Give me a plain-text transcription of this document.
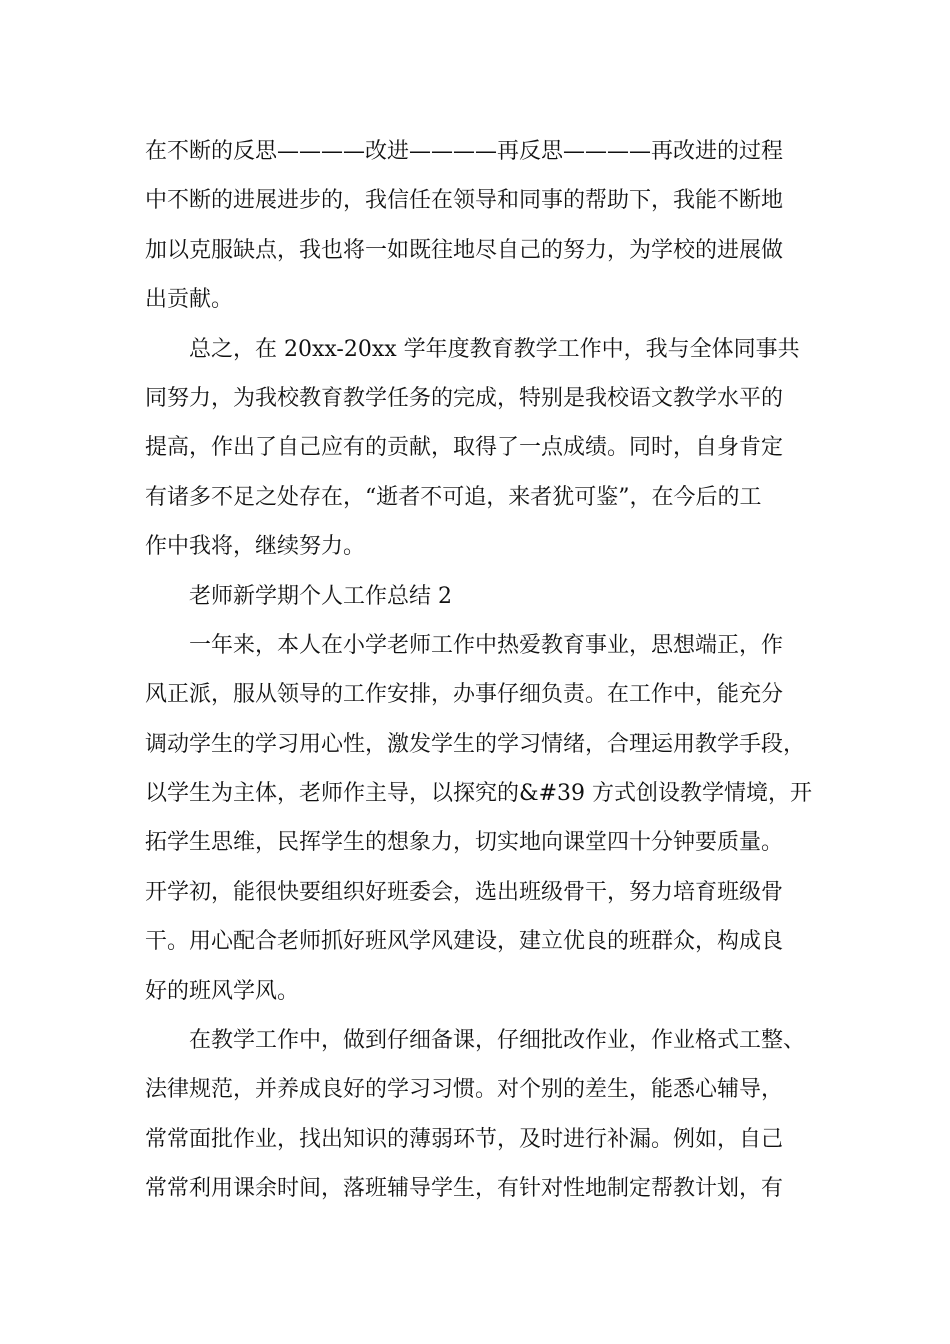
在不断的反思————改进————再反思————再改进的过程
中不断的进展进步的，我信任在领导和同事的帮助下，我能不断地
加以克服缺点，我也将一如既往地尽自己的努力，为学校的进展做
出贡献。
总之，在 20xx-20xx 学年度教育教学工作中，我与全体同事共
同努力，为我校教育教学任务的完成，特别是我校语文教学水平的
提高，作出了自己应有的贡献，取得了一点成绩。同时，自身肯定
有诸多不足之处存在，“逝者不可追，来者犹可鉴”，在今后的工
作中我将，继续努力。
老师新学期个人工作总结 2
一年来，本人在小学老师工作中热爱教育事业，思想端正，作
风正派，服从领导的工作安排，办事仔细负责。在工作中，能充分
调动学生的学习用心性，激发学生的学习情绪，合理运用教学手段，
以学生为主体，老师作主导，以探究的&#39 方式创设教学情境，开
拓学生思维，民挥学生的想象力，切实地向课堂四十分钟要质量。
开学初，能很快要组织好班委会，选出班级骨干，努力培育班级骨
干。用心配合老师抓好班风学风建设，建立优良的班群众，构成良
好的班风学风。
在教学工作中，做到仔细备课，仔细批改作业，作业格式工整、
法律规范，并养成良好的学习习惯。对个别的差生，能悉心辅导，
常常面批作业，找出知识的薄弱环节，及时进行补漏。例如，自己
常常利用课余时间，落班辅导学生，有针对性地制定帮教计划，有
